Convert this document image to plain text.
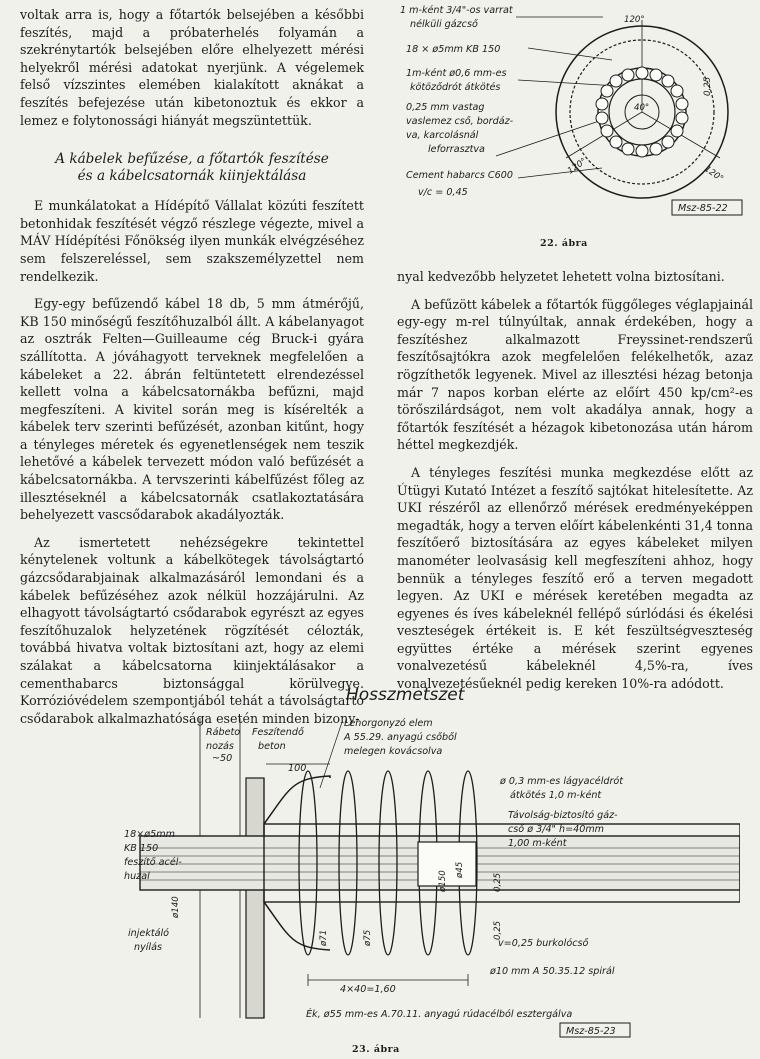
voltak arra is, hogy a főtartók belsejében a későbbi feszítés, majd a próbaterhelés folyamán a szekrénytartók belsejében előre elhelyezett mérési helyekről mérési adatokat nyerjünk. A végelemek felső vízszintes elemében kialakított aknákat a feszítés befejezése után kibetonoztuk és ekkor a lemez e folytonossági hiányát megszüntettük.

A kábelek befűzése, a főtartók feszítése
és a kábelcsatornák kiinjektálása

E munkálatokat a Hídépítő Vállalat közúti feszített betonhidak feszítését végző részlege végezte, mivel a MÁV Hídépítési Főnökség ilyen munkák elvégzéséhez sem felszereléssel, sem szakszemélyzettel nem rendelkezik.

Egy-egy befűzendő kábel 18 db, 5 mm átmérőjű, KB 150 minőségű feszítőhuzalból állt. A kábelanyagot az osztrák Felten—Guilleaume cég Bruck-i gyára szállította. A jóváhagyott terveknek megfelelően a kábeleket a 22. ábrán feltüntetett elrendezéssel kellett volna a kábelcsatornákba befűzni, majd megfeszíteni. A kivitel során meg is kísérelték a kábelek terv szerinti befűzését, azonban kitűnt, hogy a tényleges méretek és egyenetlenségek nem teszik lehetővé a kábelek tervezett módon való befűzését a kábelcsatornákba. A tervszerinti kábelfűzést főleg az illesztéseknél a kábelcsatornák csatlakoztatására behelyezett vascsődarabok akadályozták.

Az ismertetett nehézségekre tekintettel kénytelenek voltunk a kábelkötegek távolságtartó gázcsődarabjainak alkalmazásáról lemondani és a kábelek befűzéséhez azok nélkül hozzájárulni. Az elhagyott távolságtartó csődarabok egyrészt az egyes feszítőhuzalok helyzetének rögzítését célozták, továbbá hivatva voltak biztosítani azt, hogy az elemi szálakat a kábelcsatorna kiinjektálásakor a cementhabarcs biztonsággal körülvegye. Korrózióvédelem szempontjából tehát a távolságtartó csődarabok alkalmazhatósága esetén minden bizony-

1 m-ként 3/4"-os varrat
nélküli gázcső
18 × ø5mm KB 150
1m-ként ø0,6 mm-es
kötöződrót átkötés
0,25 mm vastag
vaslemez cső, bordáz-
va, karcolásnál
leforrasztva
Cement habarcs C600
v/c = 0,45
120°
120°	120°
40°
0,25
Msz-85-22
22. ábra

nyal kedvezőbb helyzetet lehetett volna biztosítani.

A befűzött kábelek a főtartók függőleges véglapjainál egy-egy m-rel túlnyúltak, annak érdekében, hogy a feszítéshez alkalmazott Freyssinet-rendszerű feszítősajtókra azok megfelelően felékelhetők, azaz rögzíthetők legyenek. Mivel az illesztési hézag betonja már 7 napos korban elérte az előírt 450 kp/cm²-es törőszilárdságot, nem volt akadálya annak, hogy a főtartók feszítését a hézagok kibetonozása után három héttel megkezdjék.

A tényleges feszítési munka megkezdése előtt az Útügyi Kutató Intézet a feszítő sajtókat hitelesítette. Az UKI részéről az ellenőrző mérések eredményeképpen megadták, hogy a terven előírt kábelenkénti 31,4 tonna feszítőerő biztosítására az egyes kábeleket milyen manométer leolvasásig kell megfeszíteni ahhoz, hogy bennük a tényleges feszítő erő a terven megadott legyen. Az UKI e mérések keretében megadta az egyenes és íves kábeleknél fellépő súrlódási és ékelési veszteségek értékeit is. E két feszültségveszteség együttes értéke a mérések szerint egyenes vonalvezetésű kábeleknél 4,5%-ra, íves vonalvezetésűeknél pedig kereken 10%-ra adódott.

Hosszmetszet
Rábeto
nozás
~50
Feszítendő
beton
100
Lehorgonyzó elem
A 55.29. anyagú csőből
melegen kovácsolva
18×ø5mm
KB 150
feszítő acél-
huzal
ø 0,3 mm-es lágyacéldrót
átkötés 1,0 m-ként
Távolság-biztosító gáz-
cső ø 3/4" h=40mm
1,00 m-ként
ø150	0,25
0,25
ø45
ø140
ø71	ø75	v=0,25 burkolócső
injektáló
nyílás
ø10 mm A 50.35.12 spirál
4×40=1,60
Ék, ø55 mm-es A.70.11. anyagú rúdacélból esztergálva
Msz-85-23
23. ábra
